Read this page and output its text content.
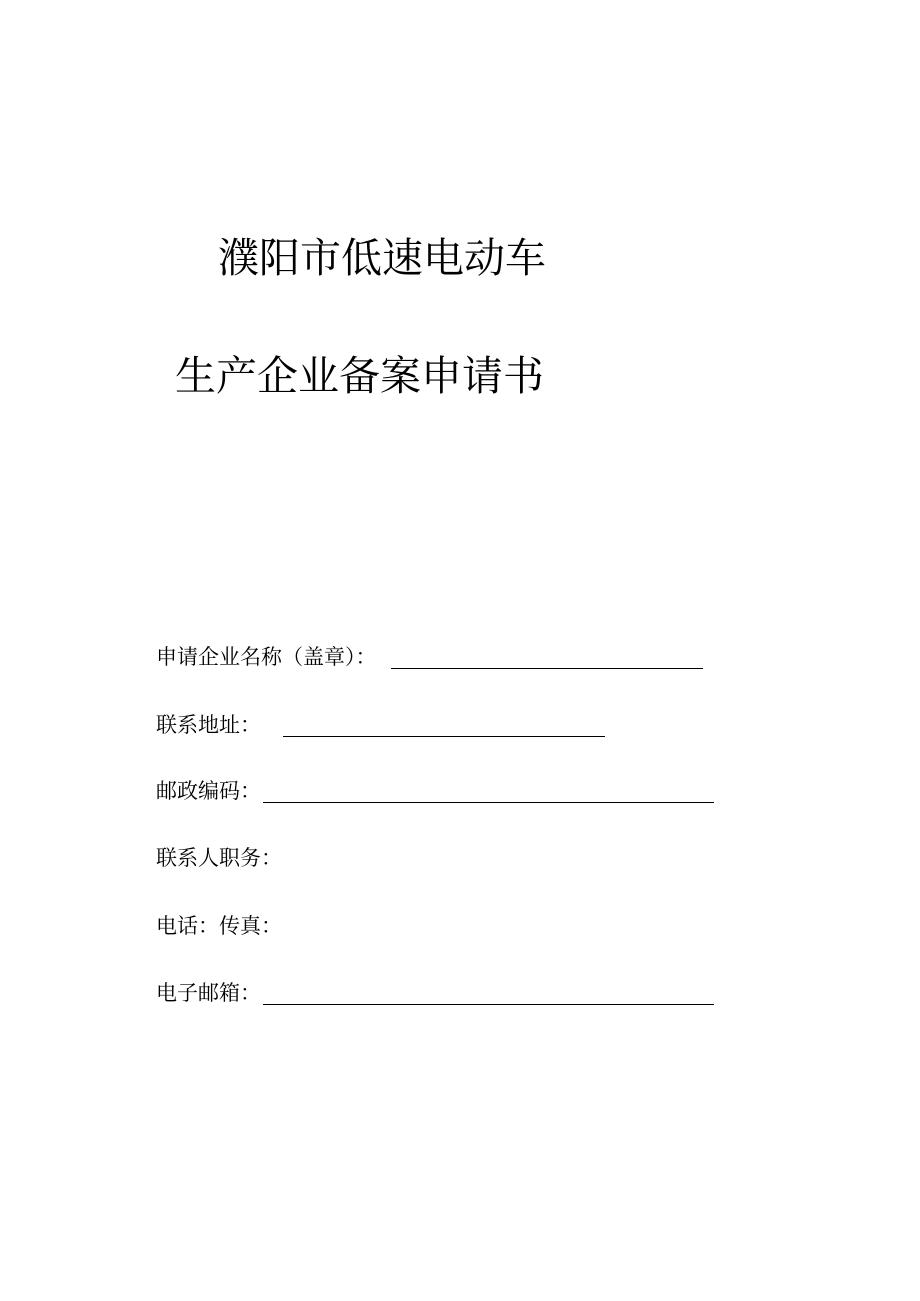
濮阳市低速电动车
生产企业备案申请书
申请企业名称（盖章）：
联系地址：
邮政编码：
联系人职务：
电话：传真：
电子邮箱：
